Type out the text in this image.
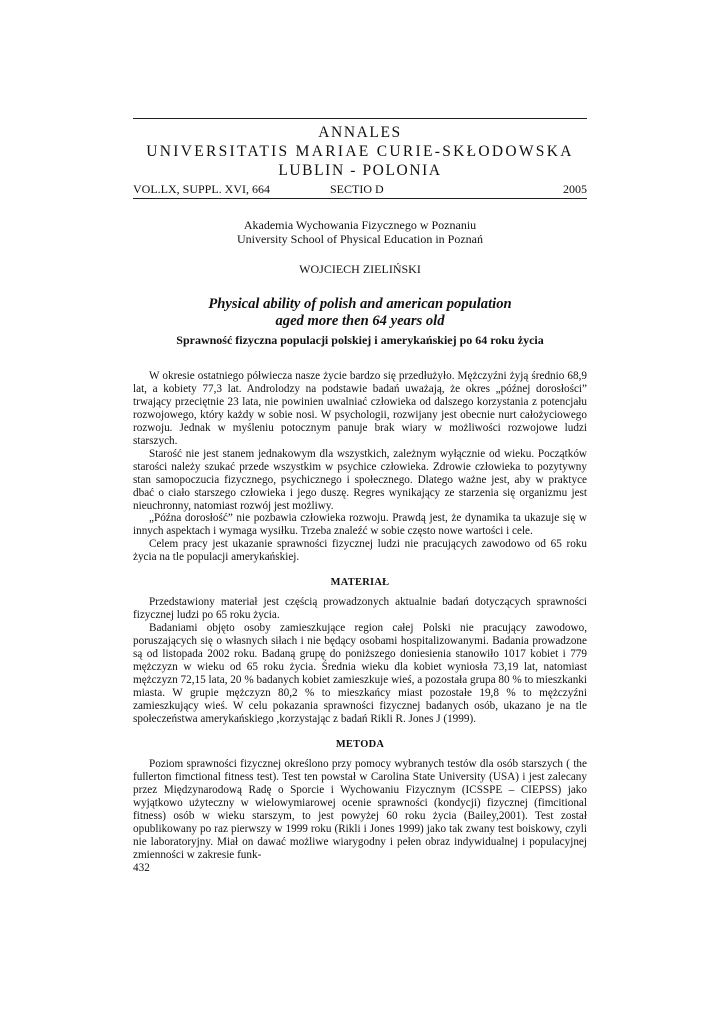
ANNALES
UNIVERSITATIS MARIAE CURIE-SKŁODOWSKA
LUBLIN - POLONIA
VOL.LX, SUPPL. XVI, 664	SECTIO D	2005
Akademia Wychowania Fizycznego w Poznaniu
University School of Physical Education in Poznań
WOJCIECH ZIELIŃSKI
Physical ability of polish and american population
aged more then 64 years old
Sprawność fizyczna populacji polskiej i amerykańskiej po 64 roku życia

W okresie ostatniego półwiecza nasze życie bardzo się przedłużyło. Mężczyźni żyją średnio 68,9 lat, a kobiety 77,3 lat. Androlodzy na podstawie badań uważają, że okres „późnej dorosłości” trwający przeciętnie 23 lata, nie powinien uwalniać człowieka od dalszego korzystania z potencjału rozwojowego, który każdy w sobie nosi. W psychologii, rozwijany jest obecnie nurt całożyciowego rozwoju. Jednak w myśleniu potocznym panuje brak wiary w możliwości rozwojowe ludzi starszych.

Starość nie jest stanem jednakowym dla wszystkich, zależnym wyłącznie od wieku. Początków starości należy szukać przede wszystkim w psychice człowieka. Zdrowie człowieka to pozytywny stan samopoczucia fizycznego, psychicznego i społecznego. Dlatego ważne jest, aby w praktyce dbać o ciało starszego człowieka i jego duszę. Regres wynikający ze starzenia się organizmu jest nieuchronny, natomiast rozwój jest możliwy.

„Późna dorosłość” nie pozbawia człowieka rozwoju. Prawdą jest, że dynamika ta ukazuje się w innych aspektach i wymaga wysiłku. Trzeba znaleźć w sobie często nowe wartości i cele.

Celem pracy jest ukazanie sprawności fizycznej ludzi nie pracujących zawodowo od 65 roku życia na tle populacji amerykańskiej.

MATERIAŁ

Przedstawiony materiał jest częścią prowadzonych aktualnie badań dotyczących sprawności fizycznej ludzi po 65 roku życia.

Badaniami objęto osoby zamieszkujące region całej Polski nie pracujący zawodowo, poruszających się o własnych siłach i nie będący osobami hospitalizowanymi. Badania prowadzone są od listopada 2002 roku. Badaną grupę do poniższego doniesienia stanowiło 1017 kobiet i 779 mężczyzn w wieku od 65 roku życia. Średnia wieku dla kobiet wyniosła 73,19 lat, natomiast mężczyzn 72,15 lata, 20 % badanych kobiet zamieszkuje wieś, a pozostała grupa 80 % to mieszkanki miasta. W grupie mężczyzn 80,2 % to mieszkańcy miast pozostałe 19,8 % to mężczyźni zamieszkujący wieś. W celu pokazania sprawności fizycznej badanych osób, ukazano je na tle społeczeństwa amerykańskiego ,korzystając z badań Rikli R. Jones J (1999).

METODA

Poziom sprawności fizycznej określono przy pomocy wybranych testów dla osób starszych ( the fullerton fimctional fitness test). Test ten powstał w Carolina State University (USA) i jest zalecany przez Międzynarodową Radę o Sporcie i Wychowaniu Fizycznym (ICSSPE – CIEPSS) jako wyjątkowo użyteczny w wielowymiarowej ocenie sprawności (kondycji) fizycznej (fimcitional fitness) osób w wieku starszym, to jest powyżej 60 roku życia (Bailey,2001). Test został opublikowany po raz pierwszy w 1999 roku (Rikli i Jones 1999) jako tak zwany test boiskowy, czyli nie laboratoryjny. Miał on dawać możliwe wiarygodny i pełen obraz indywidualnej i populacyjnej zmienności w zakresie funk-

432
